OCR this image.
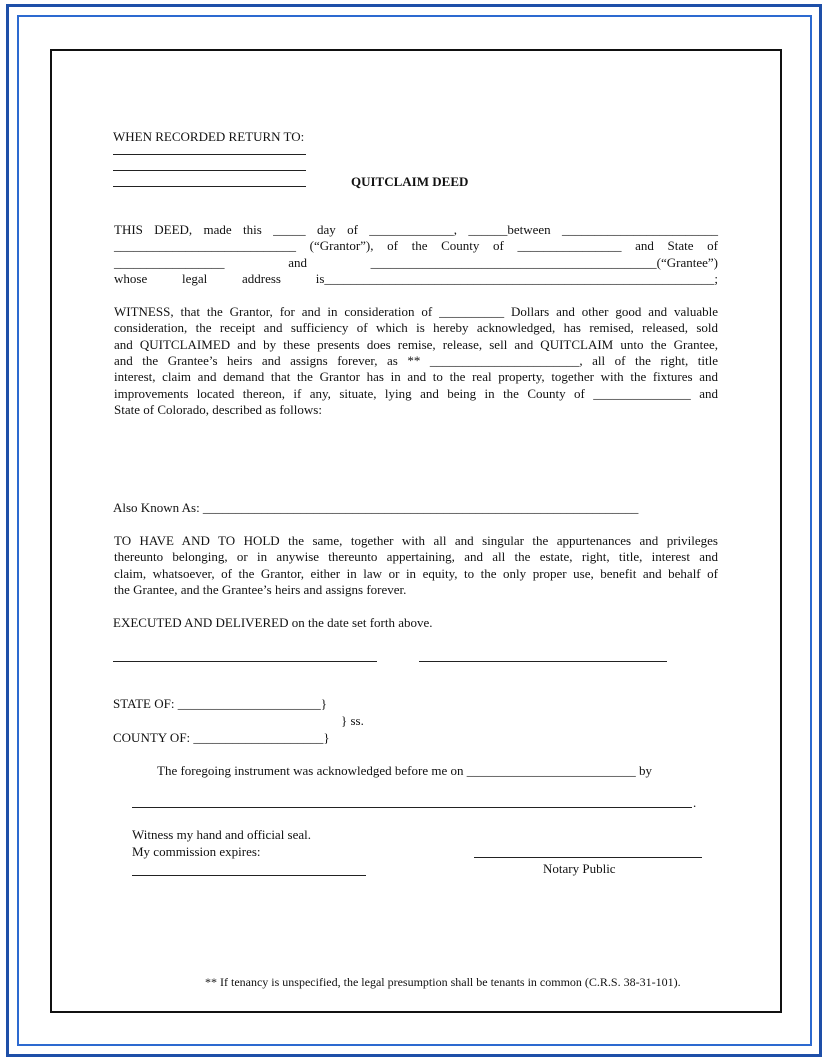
WHEN RECORDED RETURN TO:
QUITCLAIM DEED
THIS DEED, made this _____ day of _____________, ______between ________________________
____________________________ (“Grantor”), of the County of ________________ and State of
_________________ and ____________________________________________(“Grantee”)
whose legal address is____________________________________________________________;
WITNESS, that the Grantor, for and in consideration of __________ Dollars and other good and valuable
consideration, the receipt and sufficiency of which is hereby acknowledged, has remised, released, sold
and QUITCLAIMED and by these presents does remise, release, sell and QUITCLAIM unto the Grantee,
and the Grantee’s heirs and assigns forever, as ** _______________________, all of the right, title
interest, claim and demand that the Grantor has in and to the real property, together with the fixtures and
improvements located thereon, if any, situate, lying and being in the County of _______________ and
State of Colorado, described as follows:
Also Known As: ___________________________________________________________________
TO HAVE AND TO HOLD the same, together with all and singular the appurtenances and privileges
thereunto belonging, or in anywise thereunto appertaining, and all the estate, right, title, interest and
claim, whatsoever, of the Grantor, either in law or in equity, to the only proper use, benefit and behalf of
the Grantee, and the Grantee’s heirs and assigns forever.
EXECUTED AND DELIVERED on the date set forth above.
STATE OF: ______________________}
} ss.
COUNTY OF: ____________________}
The foregoing instrument was acknowledged before me on __________________________ by
.
Witness my hand and official seal.
My commission expires:
Notary Public
** If tenancy is unspecified, the legal presumption shall be tenants in common (C.R.S. 38-31-101).
